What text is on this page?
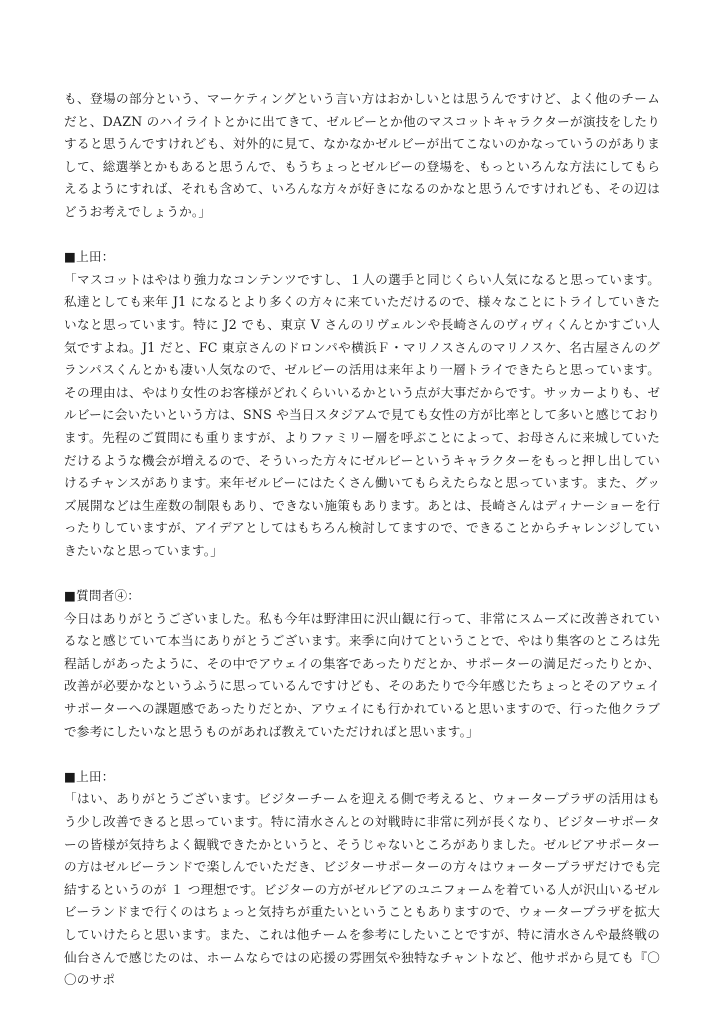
も、登場の部分という、マーケティングという言い方はおかしいとは思うんですけど、よく他のチームだと、DAZN のハイライトとかに出てきて、ゼルビーとか他のマスコットキャラクターが演技をしたりすると思うんですけれども、対外的に見て、なかなかゼルビーが出てこないのかなっていうのがありまして、総選挙とかもあると思うんで、もうちょっとゼルビーの登場を、もっといろんな方法にしてもらえるようにすれば、それも含めて、いろんな方々が好きになるのかなと思うんですけれども、その辺はどうお考えでしょうか。」

■上田：

「マスコットはやはり強力なコンテンツですし、１人の選手と同じくらい人気になると思っています。私達としても来年 J1 になるとより多くの方々に来ていただけるので、様々なことにトライしていきたいなと思っています。特に J2 でも、東京 V さんのリヴェルンや長崎さんのヴィヴィくんとかすごい人気ですよね。J1 だと、FC 東京さんのドロンパや横浜Ｆ・マリノスさんのマリノスケ、名古屋さんのグランパスくんとかも凄い人気なので、ゼルビーの活用は来年より一層トライできたらと思っています。その理由は、やはり女性のお客様がどれくらいいるかという点が大事だからです。サッカーよりも、ゼルビーに会いたいという方は、SNS や当日スタジアムで見ても女性の方が比率として多いと感じております。先程のご質問にも重りますが、よりファミリー層を呼ぶことによって、お母さんに来城していただけるような機会が増えるので、そういった方々にゼルビーというキャラクターをもっと押し出していけるチャンスがあります。来年ゼルビーにはたくさん働いてもらえたらなと思っています。また、グッズ展開などは生産数の制限もあり、できない施策もあります。あとは、長崎さんはディナーショーを行ったりしていますが、アイデアとしてはもちろん検討してますので、できることからチャレンジしていきたいなと思っています。」

■質問者④：

今日はありがとうございました。私も今年は野津田に沢山観に行って、非常にスムーズに改善されているなと感じていて本当にありがとうございます。来季に向けてということで、やはり集客のところは先程話しがあったように、その中でアウェイの集客であったりだとか、サポーターの満足だったりとか、改善が必要かなというふうに思っているんですけども、そのあたりで今年感じたちょっとそのアウェイサポーターへの課題感であったりだとか、アウェイにも行かれていると思いますので、行った他クラブで参考にしたいなと思うものがあれば教えていただければと思います。」

■上田：

「はい、ありがとうございます。ビジターチームを迎える側で考えると、ウォータープラザの活用はもう少し改善できると思っています。特に清水さんとの対戦時に非常に列が長くなり、ビジターサポーターの皆様が気持ちよく観戦できたかというと、そうじゃないところがありました。ゼルビアサポーターの方はゼルビーランドで楽しんでいただき、ビジターサポーターの方々はウォータープラザだけでも完結するというのが １ つ理想です。ビジターの方がゼルビアのユニフォームを着ている人が沢山いるゼルビーランドまで行くのはちょっと気持ちが重たいということもありますので、ウォータープラザを拡大していけたらと思います。また、これは他チームを参考にしたいことですが、特に清水さんや最終戦の仙台さんで感じたのは、ホームならではの応援の雰囲気や独特なチャントなど、他サポから見ても『〇〇のサポ
